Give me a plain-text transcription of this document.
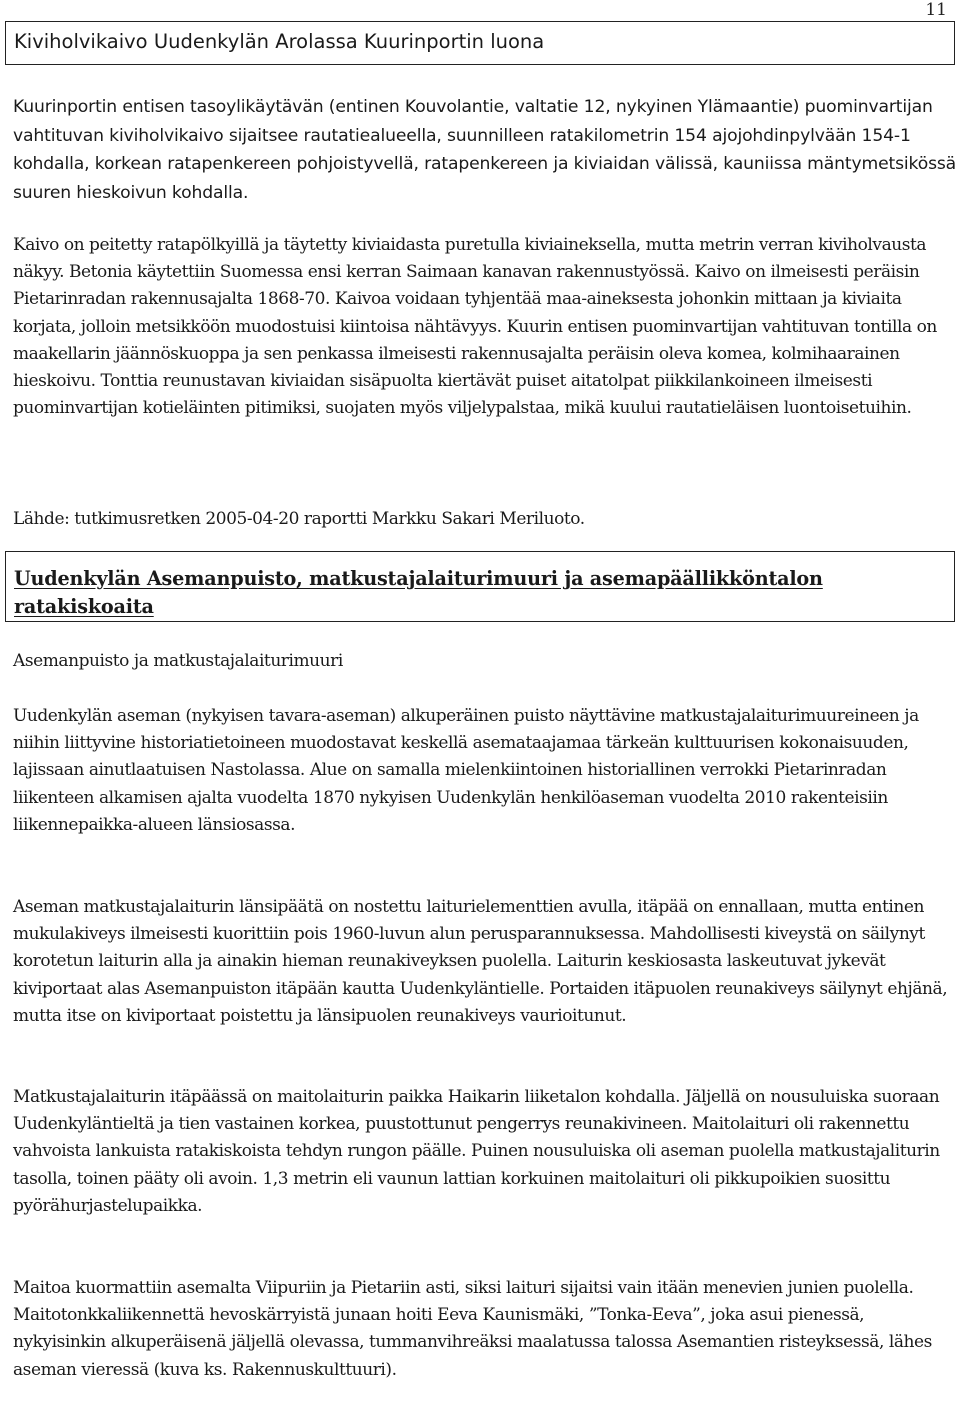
11
Kiviholvikaivo Uudenkylän Arolassa Kuurinportin luona

Kuurinportin entisen tasoylikäytävän (entinen Kouvolantie, valtatie 12, nykyinen Ylämaantie) puominvartijan vahtituvan kiviholvikaivo sijaitsee rautatiealueella, suunnilleen ratakilometrin 154 ajojohdinpylvään 154-1 kohdalla, korkean ratapenkereen pohjoistyvellä, ratapenkereen ja kiviaidan välissä, kauniissa mäntymetsikössä suuren hieskoivun kohdalla.

Kaivo on peitetty ratapölkyillä ja täytetty kiviaidasta puretulla kiviaineksella, mutta metrin verran kiviholvausta näkyy. Betonia käytettiin Suomessa ensi kerran Saimaan kanavan rakennustyössä. Kaivo on ilmeisesti peräisin Pietarinradan rakennusajalta 1868-70. Kaivoa voidaan tyhjentää maa-aineksesta johonkin mittaan ja kiviaita korjata, jolloin metsikköön muodostuisi kiintoisa nähtävyys. Kuurin entisen puominvartijan vahtituvan tontilla on maakellarin jäännöskuoppa ja sen penkassa ilmeisesti rakennusajalta peräisin oleva komea, kolmihaarainen hieskoivu. Tonttia reunustavan kiviaidan sisäpuolta kiertävät puiset aitatolpat piikkilankoineen ilmeisesti puominvartijan kotieläinten pitimiksi, suojaten myös viljelypalstaa, mikä kuului rautatieläisen luontoisetuihin.

Lähde: tutkimusretken 2005-04-20 raportti Markku Sakari Meriluoto.

Uudenkylän Asemanpuisto, matkustajalaiturimuuri ja asemapäällikköntalon ratakiskoaita

Asemanpuisto ja matkustajalaiturimuuri

Uudenkylän aseman (nykyisen tavara-aseman) alkuperäinen puisto näyttävine matkustajalaiturimuureineen ja niihin liittyvine historiatietoineen muodostavat keskellä asemataajamaa tärkeän kulttuurisen kokonaisuuden, lajissaan ainutlaatuisen Nastolassa. Alue on samalla mielenkiintoinen historiallinen verrokki Pietarinradan liikenteen alkamisen ajalta vuodelta 1870 nykyisen Uudenkylän henkilöaseman vuodelta 2010 rakenteisiin liikennepaikka-alueen länsiosassa.

Aseman matkustajalaiturin länsipäätä on nostettu laiturielementtien avulla, itäpää on ennallaan, mutta entinen mukulakiveys ilmeisesti kuorittiin pois 1960-luvun alun perusparannuksessa. Mahdollisesti kiveystä on säilynyt korotetun laiturin alla ja ainakin hieman reunakiveyksen puolella. Laiturin keskiosasta laskeutuvat jykevät kiviportaat alas Asemanpuiston itäpään kautta Uudenkyläntielle. Portaiden itäpuolen reunakiveys säilynyt ehjänä, mutta itse on kiviportaat poistettu ja länsipuolen reunakiveys vaurioitunut.

Matkustajalaiturin itäpäässä on maitolaiturin paikka Haikarin liiketalon kohdalla. Jäljellä on nousuluiska suoraan Uudenkyläntieltä ja tien vastainen korkea, puustottunut pengerrys reunakivineen. Maitolaituri oli rakennettu vahvoista lankuista ratakiskoista tehdyn rungon päälle. Puinen nousuluiska oli aseman puolella matkustajaliturin tasolla, toinen pääty oli avoin. 1,3 metrin eli vaunun lattian korkuinen maitolaituri oli pikkupoikien suosittu pyörähurjastelupaikka.

Maitoa kuormattiin asemalta Viipuriin ja Pietariin asti, siksi laituri sijaitsi vain itään menevien junien puolella. Maitotonkkaliikennettä hevoskärryistä junaan hoiti Eeva Kaunismäki, ”Tonka-Eeva”, joka asui pienessä, nykyisinkin alkuperäisenä jäljellä olevassa, tummanvihreäksi maalatussa talossa Asemantien risteyksessä, lähes aseman vieressä (kuva ks. Rakennuskulttuuri).
